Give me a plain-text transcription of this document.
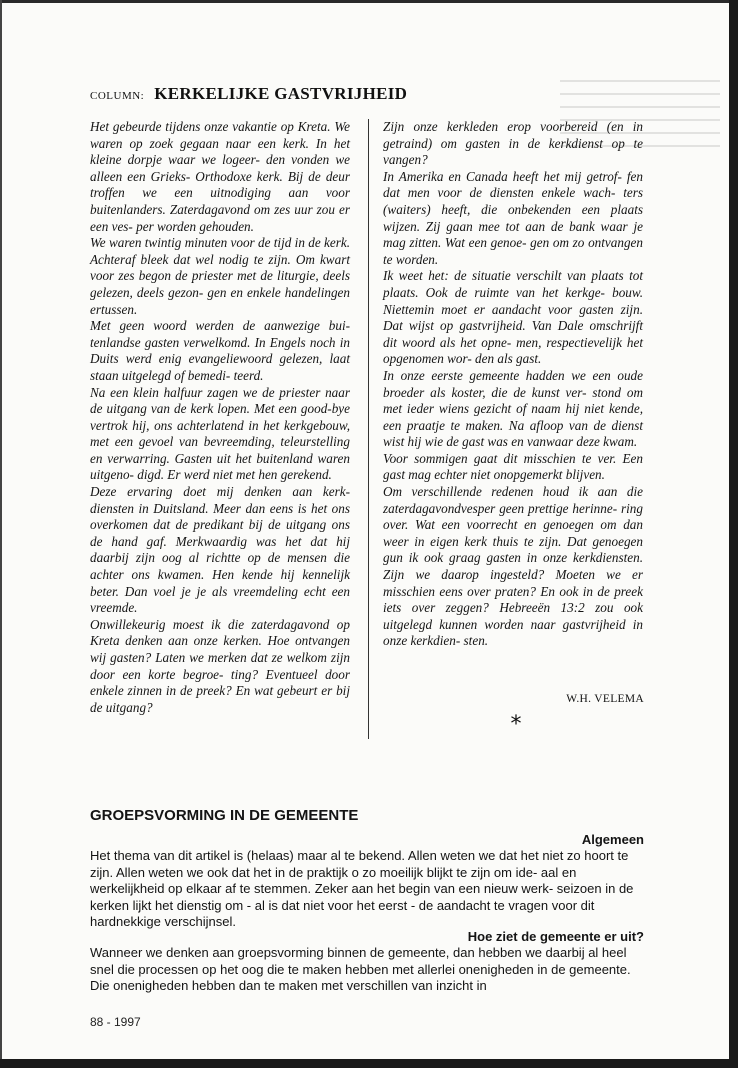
COLUMN: KERKELIJKE GASTVRIJHEID

Het gebeurde tijdens onze vakantie op Kreta. We waren op zoek gegaan naar een kerk. In het kleine dorpje waar we logeer- den vonden we alleen een Grieks- Orthodoxe kerk. Bij de deur troffen we een uitnodiging aan voor buitenlanders. Zaterdagavond om zes uur zou er een ves- per worden gehouden.

We waren twintig minuten voor de tijd in de kerk. Achteraf bleek dat wel nodig te zijn. Om kwart voor zes begon de priester met de liturgie, deels gelezen, deels gezon- gen en enkele handelingen ertussen.

Met geen woord werden de aanwezige bui- tenlandse gasten verwelkomd. In Engels noch in Duits werd enig evangeliewoord gelezen, laat staan uitgelegd of bemedi- teerd.

Na een klein halfuur zagen we de priester naar de uitgang van de kerk lopen. Met een good-bye vertrok hij, ons achterlatend in het kerkgebouw, met een gevoel van bevreemding, teleurstelling en verwarring. Gasten uit het buitenland waren uitgeno- digd. Er werd niet met hen gerekend.

Deze ervaring doet mij denken aan kerk- diensten in Duitsland. Meer dan eens is het ons overkomen dat de predikant bij de uitgang ons de hand gaf. Merkwaardig was het dat hij daarbij zijn oog al richtte op de mensen die achter ons kwamen. Hen kende hij kennelijk beter. Dan voel je je als vreemdeling echt een vreemde.

Onwillekeurig moest ik die zaterdagavond op Kreta denken aan onze kerken. Hoe ontvangen wij gasten? Laten we merken dat ze welkom zijn door een korte begroe- ting? Eventueel door enkele zinnen in de preek? En wat gebeurt er bij de uitgang?

Zijn onze kerkleden erop voorbereid (en in getraind) om gasten in de kerkdienst op te vangen?

In Amerika en Canada heeft het mij getrof- fen dat men voor de diensten enkele wach- ters (waiters) heeft, die onbekenden een plaats wijzen. Zij gaan mee tot aan de bank waar je mag zitten. Wat een genoe- gen om zo ontvangen te worden.

Ik weet het: de situatie verschilt van plaats tot plaats. Ook de ruimte van het kerkge- bouw. Niettemin moet er aandacht voor gasten zijn. Dat wijst op gastvrijheid. Van Dale omschrijft dit woord als het opne- men, respectievelijk het opgenomen wor- den als gast.

In onze eerste gemeente hadden we een oude broeder als koster, die de kunst ver- stond om met ieder wiens gezicht of naam hij niet kende, een praatje te maken. Na afloop van de dienst wist hij wie de gast was en vanwaar deze kwam.

Voor sommigen gaat dit misschien te ver. Een gast mag echter niet onopgemerkt blijven.

Om verschillende redenen houd ik aan die zaterdagavondvesper geen prettige herinne- ring over. Wat een voorrecht en genoegen om dan weer in eigen kerk thuis te zijn. Dat genoegen gun ik ook graag gasten in onze kerkdiensten. Zijn we daarop ingesteld? Moeten we er misschien eens over praten? En ook in de preek iets over zeggen? Hebreeën 13:2 zou ook uitgelegd kunnen worden naar gastvrijheid in onze kerkdien- sten.

W.H. VELEMA
*
GROEPSVORMING IN DE GEMEENTE
Algemeen

Het thema van dit artikel is (helaas) maar al te bekend. Allen weten we dat het niet zo hoort te zijn. Allen weten we ook dat het in de praktijk o zo moeilijk blijkt te zijn om ide- aal en werkelijkheid op elkaar af te stemmen. Zeker aan het begin van een nieuw werk- seizoen in de kerken lijkt het dienstig om - al is dat niet voor het eerst - de aandacht te vragen voor dit hardnekkige verschijnsel.

Hoe ziet de gemeente er uit?

Wanneer we denken aan groepsvorming binnen de gemeente, dan hebben we daarbij al heel snel die processen op het oog die te maken hebben met allerlei onenigheden in de gemeente. Die onenigheden hebben dan te maken met verschillen van inzicht in

88 - 1997
